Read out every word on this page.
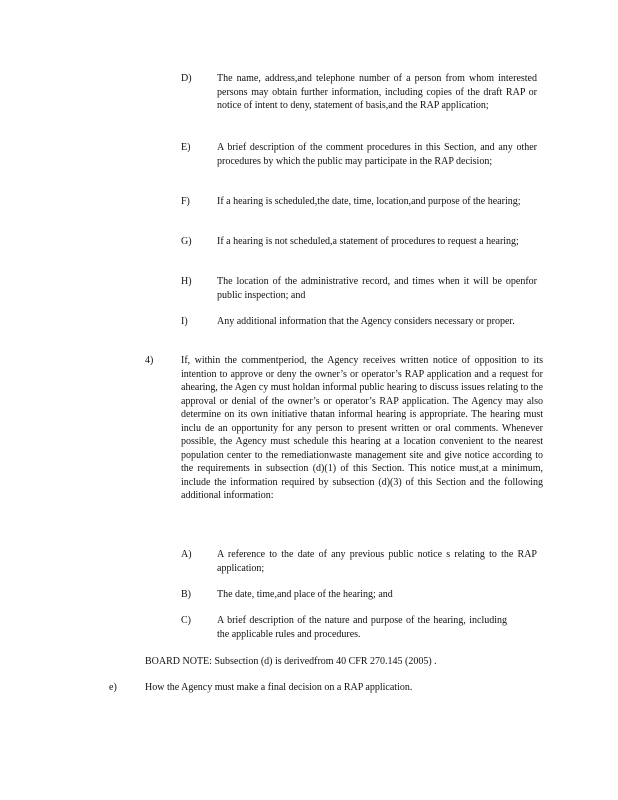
D)	The name, address,and telephone number of a person from whom interested persons may obtain further information, including copies of the draft RAP or notice of intent to deny, statement of basis,and the RAP application;
E)	A brief description of the comment procedures in this Section, and any other procedures by which the public may participate in the RAP decision;
F)	If a hearing is scheduled,the date, time, location,and purpose of the hearing;
G)	If a hearing is not scheduled,a statement of procedures to request a hearing;
H)	The location of the administrative record, and times when it will be openfor public inspection; and
I)	Any additional information that the Agency considers necessary or proper.
4)	If, within the commentperiod, the Agency receives written notice of opposition to its intention to approve or deny the owner’s or operator’s RAP application and a request for ahearing, the Agen cy must holdan informal public hearing to discuss issues relating to the approval or denial of the owner’s or operator’s RAP application. The Agency may also determine on its own initiative thatan informal hearing is appropriate. The hearing must inclu de an opportunity for any person to present written or oral comments. Whenever possible, the Agency must schedule this hearing at a location convenient to the nearest population center to the remediationwaste management site and give notice according to the requirements in subsection (d)(1) of this Section. This notice must,at a minimum, include the information required by subsection (d)(3) of this Section and the following additional information:
A)	A reference to the date of any previous public notice s relating to the RAP application;
B)	The date, time,and place of the hearing; and
C)	A brief description of the nature and purpose of the hearing, including the applicable rules and procedures.
BOARD NOTE: Subsection (d) is derivedfrom 40 CFR 270.145 (2005) .
e)	How the Agency must make a final decision on a RAP application.
